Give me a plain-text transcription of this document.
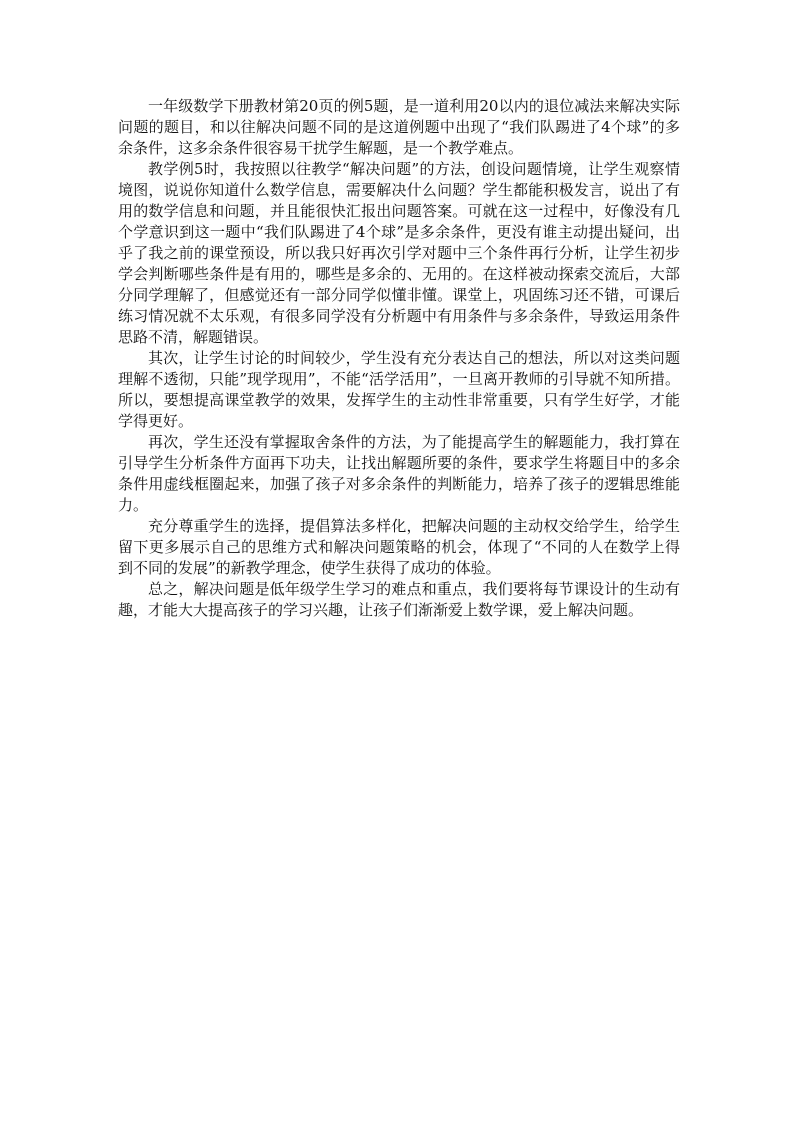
一年级数学下册教材第20页的例5题，是一道利用20以内的退位减法来解决实际问题的题目，和以往解决问题不同的是这道例题中出现了“我们队踢进了4个球”的多余条件，这多余条件很容易干扰学生解题，是一个教学难点。

教学例5时，我按照以往教学“解决问题”的方法，创设问题情境，让学生观察情境图，说说你知道什么数学信息，需要解决什么问题？学生都能积极发言，说出了有用的数学信息和问题，并且能很快汇报出问题答案。可就在这一过程中，好像没有几个学意识到这一题中“我们队踢进了4个球”是多余条件，更没有谁主动提出疑问，出乎了我之前的课堂预设，所以我只好再次引学对题中三个条件再行分析，让学生初步学会判断哪些条件是有用的，哪些是多余的、无用的。在这样被动探索交流后，大部分同学理解了，但感觉还有一部分同学似懂非懂。课堂上，巩固练习还不错，可课后练习情况就不太乐观，有很多同学没有分析题中有用条件与多余条件，导致运用条件思路不清，解题错误。

其次，让学生讨论的时间较少，学生没有充分表达自己的想法，所以对这类问题理解不透彻，只能”现学现用”，不能“活学活用”，一旦离开教师的引导就不知所措。所以，要想提高课堂教学的效果，发挥学生的主动性非常重要，只有学生好学，才能学得更好。

再次，学生还没有掌握取舍条件的方法，为了能提高学生的解题能力，我打算在引导学生分析条件方面再下功夫，让找出解题所要的条件，要求学生将题目中的多余条件用虚线框圈起来，加强了孩子对多余条件的判断能力，培养了孩子的逻辑思维能力。

充分尊重学生的选择，提倡算法多样化，把解决问题的主动权交给学生，给学生留下更多展示自己的思维方式和解决问题策略的机会，体现了“不同的人在数学上得到不同的发展”的新教学理念，使学生获得了成功的体验。

总之，解决问题是低年级学生学习的难点和重点，我们要将每节课设计的生动有趣，才能大大提高孩子的学习兴趣，让孩子们渐渐爱上数学课，爱上解决问题。
